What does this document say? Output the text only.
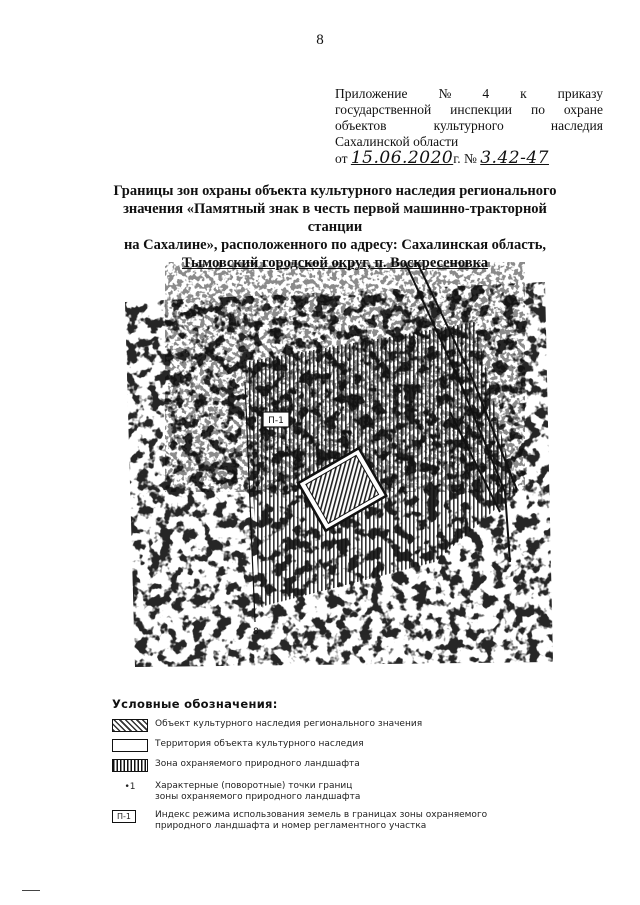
8
Приложение № 4 к приказу
государственной инспекции по охране
объектов	культурного	наследия
Сахалинской области
от 15.06.2020г. № 3.42-47
Границы зон охраны объекта культурного наследия регионального
значения «Памятный знак в честь первой машинно-тракторной станции
на Сахалине», расположенного по адресу: Сахалинская область,
Тымовский городской округ, п. Воскресеновка
П-1
8
Условные обозначения:
Объект культурного наследия регионального значения
Территория объекта культурного наследия
Зона охраняемого природного ландшафта
•1	Характерные (поворотные) точки границ
зоны охраняемого природного ландшафта
П-1	Индекс режима использования земель в границах зоны охраняемого
природного ландшафта и номер регламентного участка
